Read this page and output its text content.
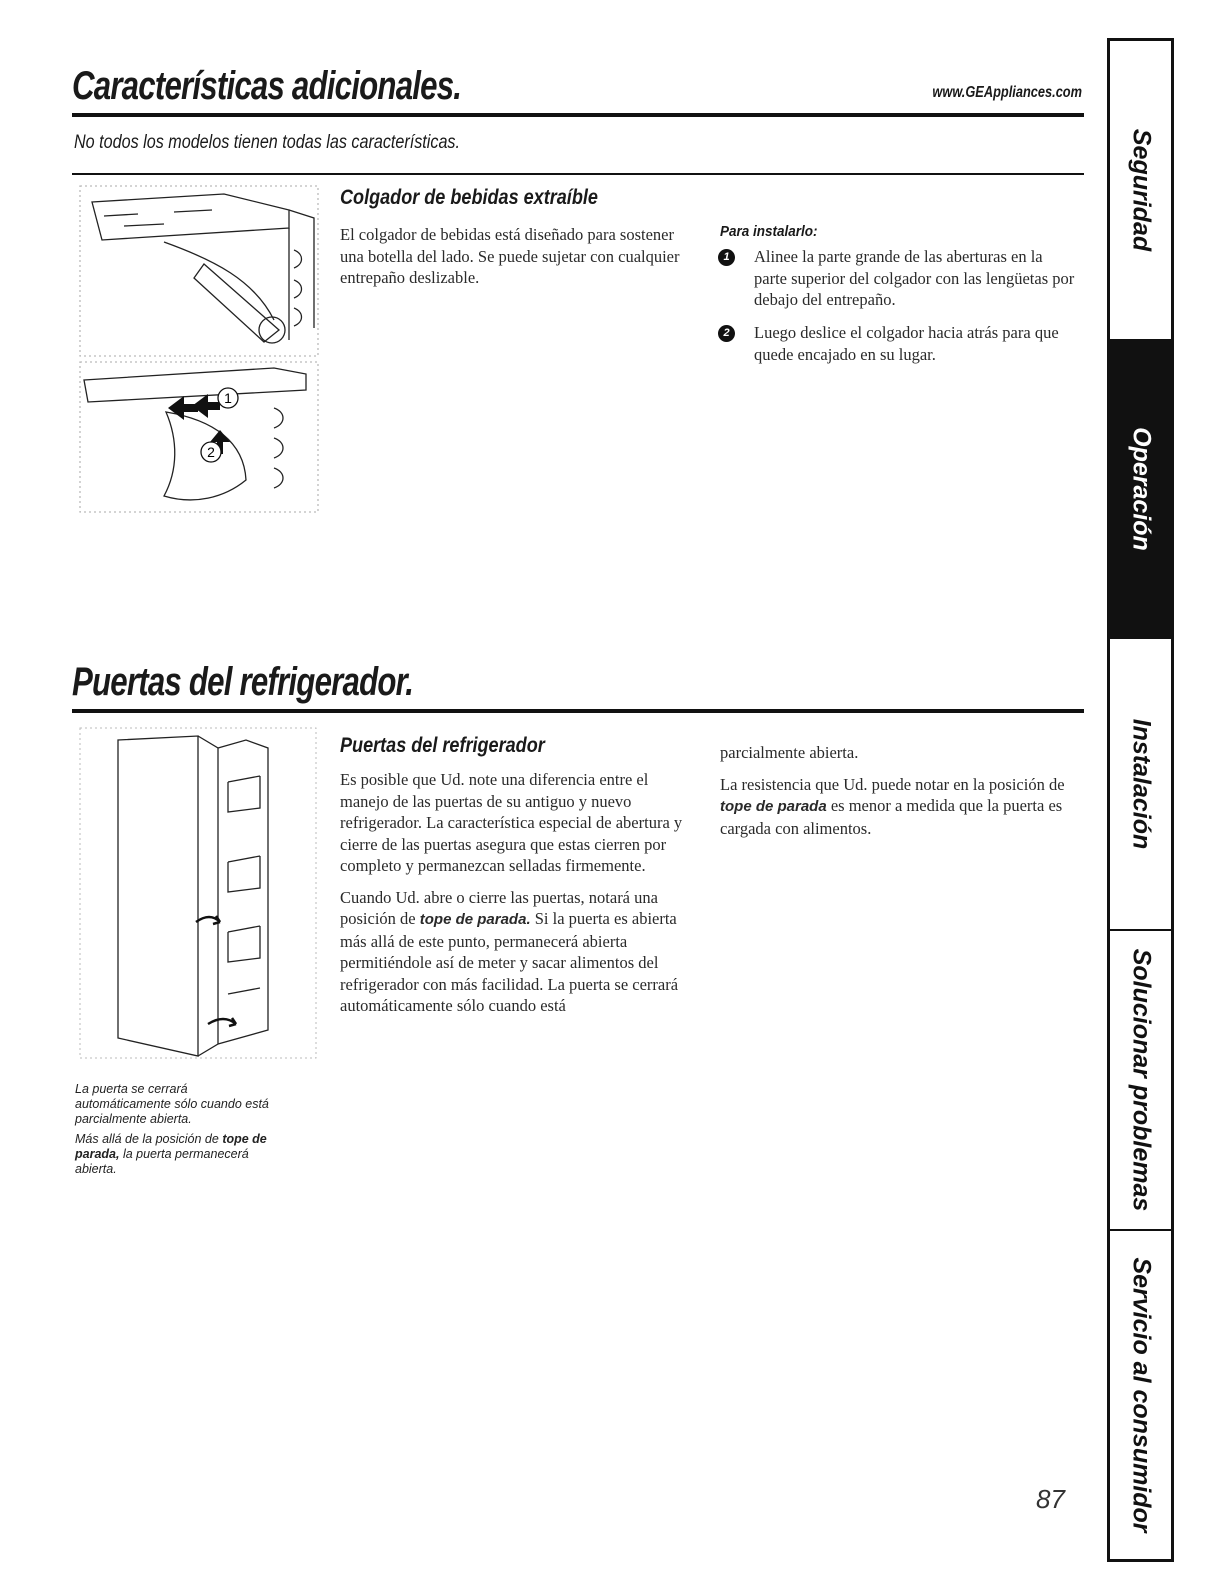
Características adicionales.	www.GEAppliances.com
No todos los modelos tienen todas las características.
1
2
Colgador de bebidas extraíble

El colgador de bebidas está diseñado para sostener una botella del lado. Se puede sujetar con cualquier entrepaño deslizable.

Para instalarlo:
1	Alinee la parte grande de las aberturas en la parte superior del colgador con las lengüetas por debajo del entrepaño.
2	Luego deslice el colgador hacia atrás para que quede encajado en su lugar.
Puertas del refrigerador.

La puerta se cerrará automáticamente sólo cuando está parcialmente abierta.

Más allá de la posición de tope de parada, la puerta permanecerá abierta.

Puertas del refrigerador

Es posible que Ud. note una diferencia entre el manejo de las puertas de su antiguo y nuevo refrigerador. La característica especial de abertura y cierre de las puertas asegura que estas cierren por completo y permanezcan selladas firmemente.

Cuando Ud. abre o cierre las puertas, notará una posición de tope de parada. Si la puerta es abierta más allá de este punto, permanecerá abierta permitiéndole así de meter y sacar alimentos del refrigerador con más facilidad. La puerta se cerrará automáticamente sólo cuando está

parcialmente abierta.

La resistencia que Ud. puede notar en la posición de tope de parada es menor a medida que la puerta es cargada con alimentos.

Seguridad
Operación
Instalación
Solucionar problemas
Servicio al consumidor
87
